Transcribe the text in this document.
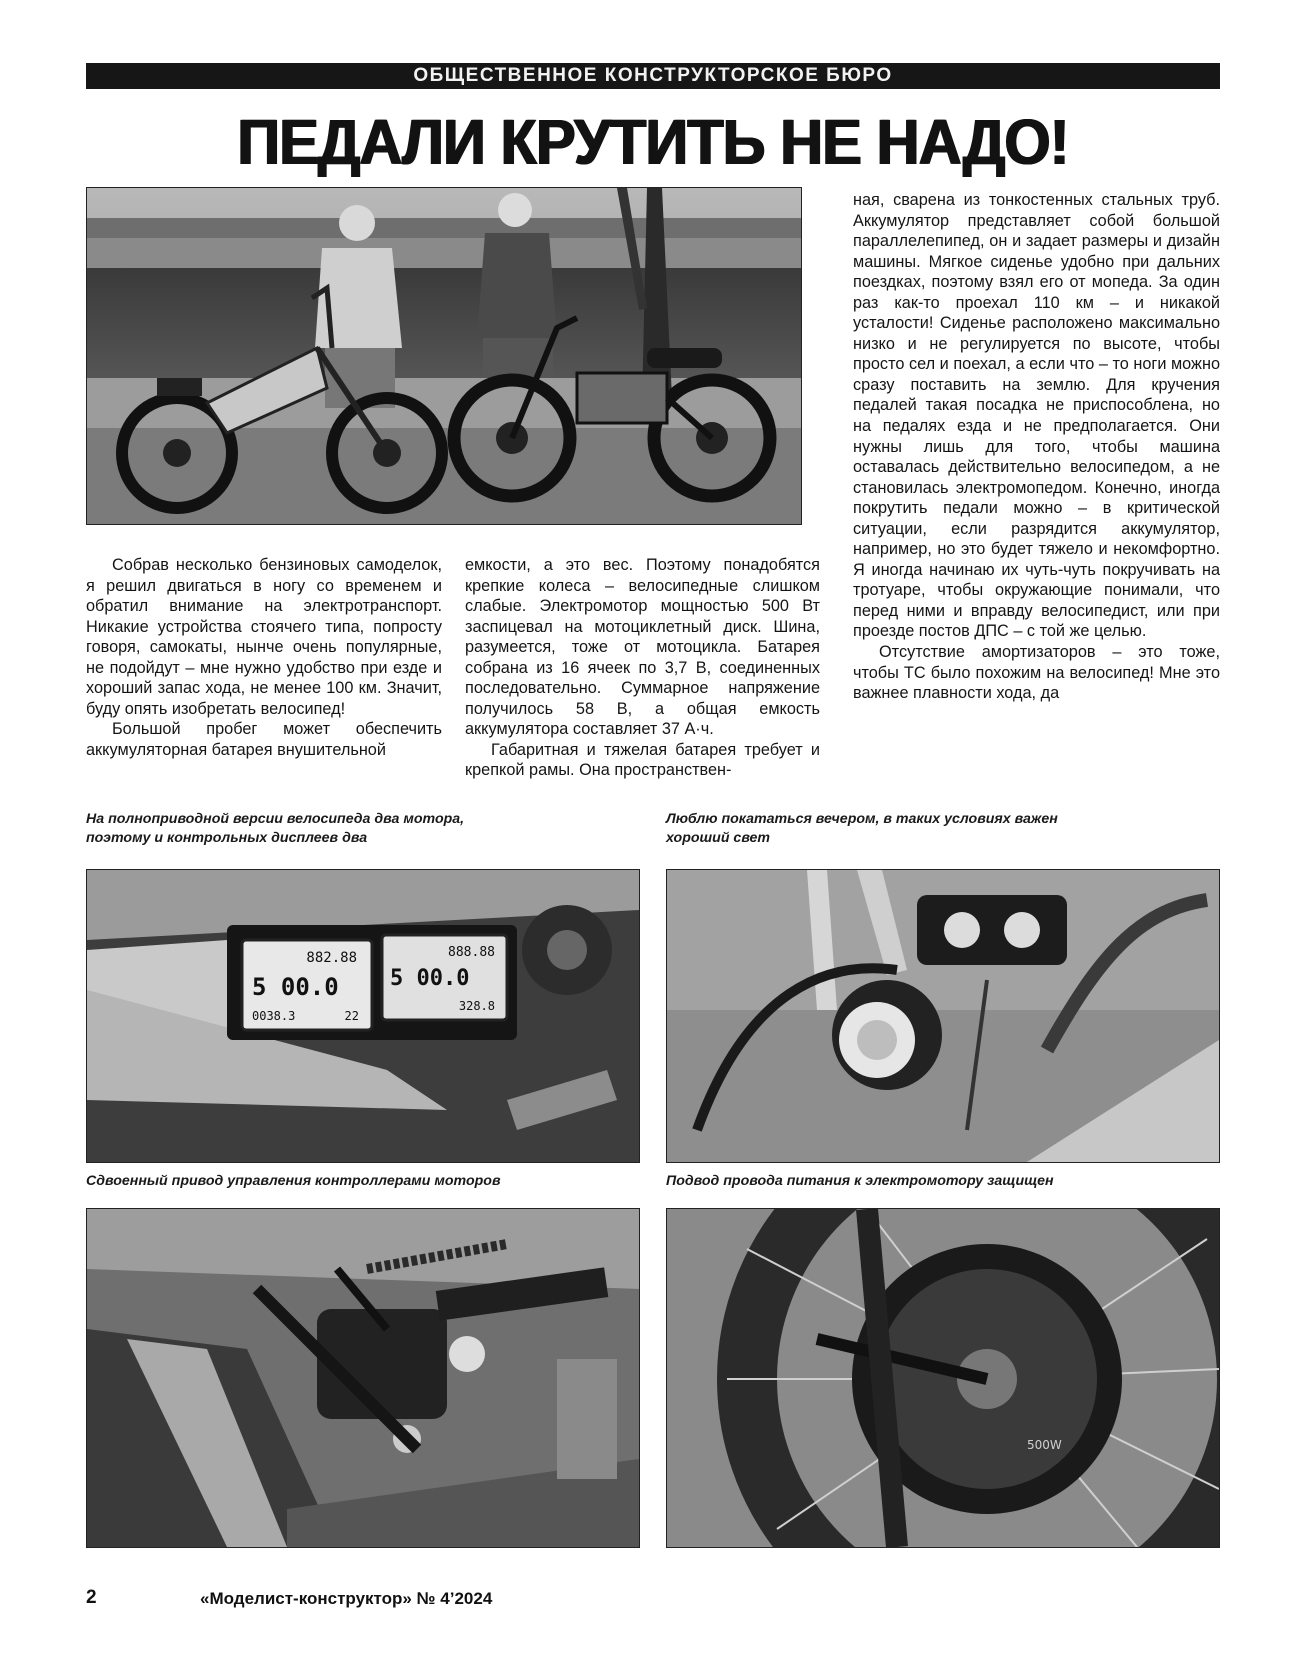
ОБЩЕСТВЕННОЕ КОНСТРУКТОРСКОЕ БЮРО
ПЕДАЛИ КРУТИТЬ НЕ НАДО!

Собрав несколько бензиновых самоделок, я решил двигаться в ногу со временем и обратил внимание на электротранспорт. Никакие устройства стоячего типа, попросту говоря, самокаты, нынче очень популярные, не подойдут – мне нужно удобство при езде и хороший запас хода, не менее 100 км. Значит, буду опять изобретать велосипед!

Большой пробег может обеспечить аккумуляторная батарея внушительной

емкости, а это вес. Поэтому понадобятся крепкие колеса – велосипедные слишком слабые. Электромотор мощностью 500 Вт заспицевал на мотоциклетный диск. Шина, разумеется, тоже от мотоцикла. Батарея собрана из 16 ячеек по 3,7 В, соединенных последовательно. Суммарное напряжение получилось 58 В, а общая емкость аккумулятора составляет 37 А·ч.

Габаритная и тяжелая батарея требует и крепкой рамы. Она пространствен-

ная, сварена из тонкостенных стальных труб. Аккумулятор представляет собой большой параллелепипед, он и задает размеры и дизайн машины. Мягкое сиденье удобно при дальних поездках, поэтому взял его от мопеда. За один раз как-то проехал 110 км – и никакой усталости! Сиденье расположено максимально низко и не регулируется по высоте, чтобы просто сел и поехал, а если что – то ноги можно сразу поставить на землю. Для кручения педалей такая посадка не приспособлена, но на педалях езда и не предполагается. Они нужны лишь для того, чтобы машина оставалась действительно велосипедом, а не становилась электромопедом. Конечно, иногда покрутить педали можно – в критической ситуации, если разрядится аккумулятор, например, но это будет тяжело и некомфортно. Я иногда начинаю их чуть-чуть покручивать на тротуаре, чтобы окружающие понимали, что перед ними и вправду велосипедист, или при проезде постов ДПС – с той же целью.

Отсутствие амортизаторов – это тоже, чтобы ТС было похожим на велосипед! Мне это важнее плавности хода, да

На полноприводной версии велосипеда два мотора,
поэтому и контрольных дисплеев два
Люблю покататься вечером, в таких условиях важен
хороший свет
882.88
5 00.0
0038.3	22
888.88
5 00.0
328.8
Сдвоенный привод управления контроллерами моторов	Подвод провода питания к электромотору защищен
500W
2	«Моделист-конструктор» № 4’2024
